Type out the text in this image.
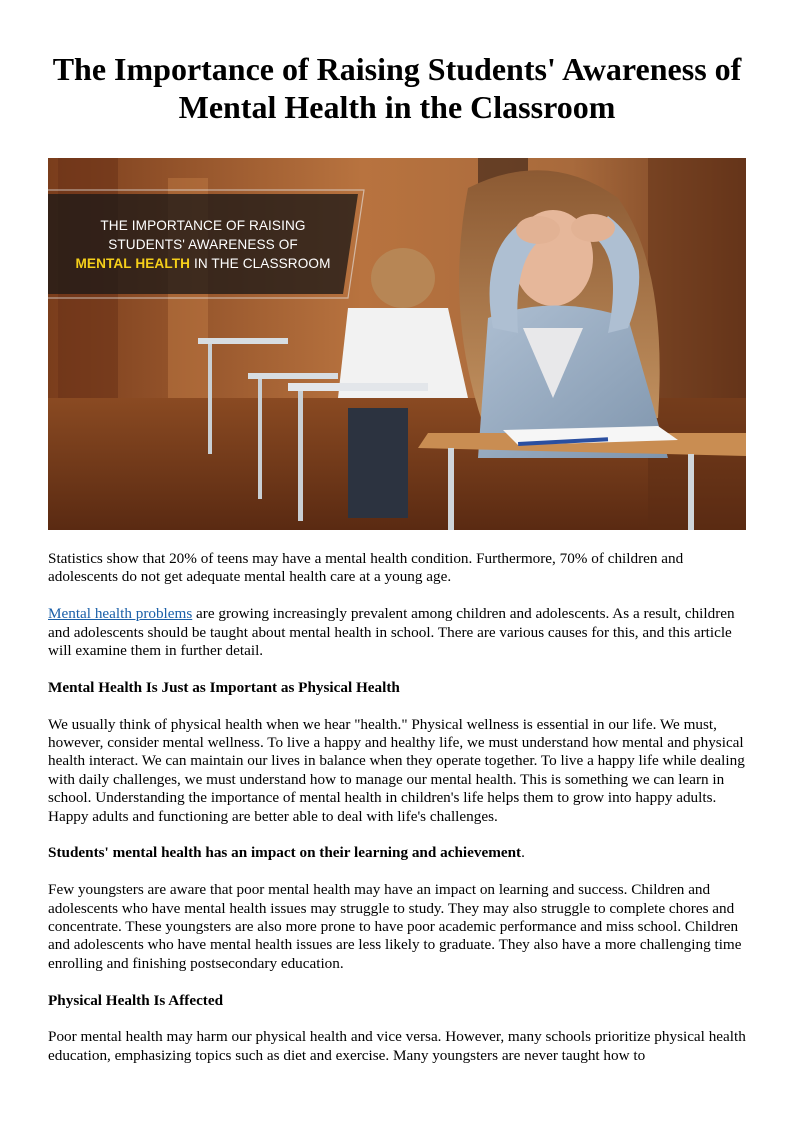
The Importance of Raising Students' Awareness of Mental Health in the Classroom
THE IMPORTANCE OF RAISING
STUDENTS' AWARENESS OF
MENTAL HEALTH IN THE CLASSROOM

Statistics show that 20% of teens may have a mental health condition. Furthermore, 70% of children and adolescents do not get adequate mental health care at a young age.

Mental health problems are growing increasingly prevalent among children and adolescents. As a result, children and adolescents should be taught about mental health in school. There are various causes for this, and this article will examine them in further detail.

Mental Health Is Just as Important as Physical Health

We usually think of physical health when we hear "health." Physical wellness is essential in our life. We must, however, consider mental wellness. To live a happy and healthy life, we must understand how mental and physical health interact. We can maintain our lives in balance when they operate together. To live a happy life while dealing with daily challenges, we must understand how to manage our mental health. This is something we can learn in school. Understanding the importance of mental health in children's life helps them to grow into happy adults. Happy adults and functioning are better able to deal with life's challenges.

Students' mental health has an impact on their learning and achievement.

Few youngsters are aware that poor mental health may have an impact on learning and success. Children and adolescents who have mental health issues may struggle to study. They may also struggle to complete chores and concentrate. These youngsters are also more prone to have poor academic performance and miss school. Children and adolescents who have mental health issues are less likely to graduate. They also have a more challenging time enrolling and finishing postsecondary education.

Physical Health Is Affected

Poor mental health may harm our physical health and vice versa. However, many schools prioritize physical health education, emphasizing topics such as diet and exercise. Many youngsters are never taught how to
